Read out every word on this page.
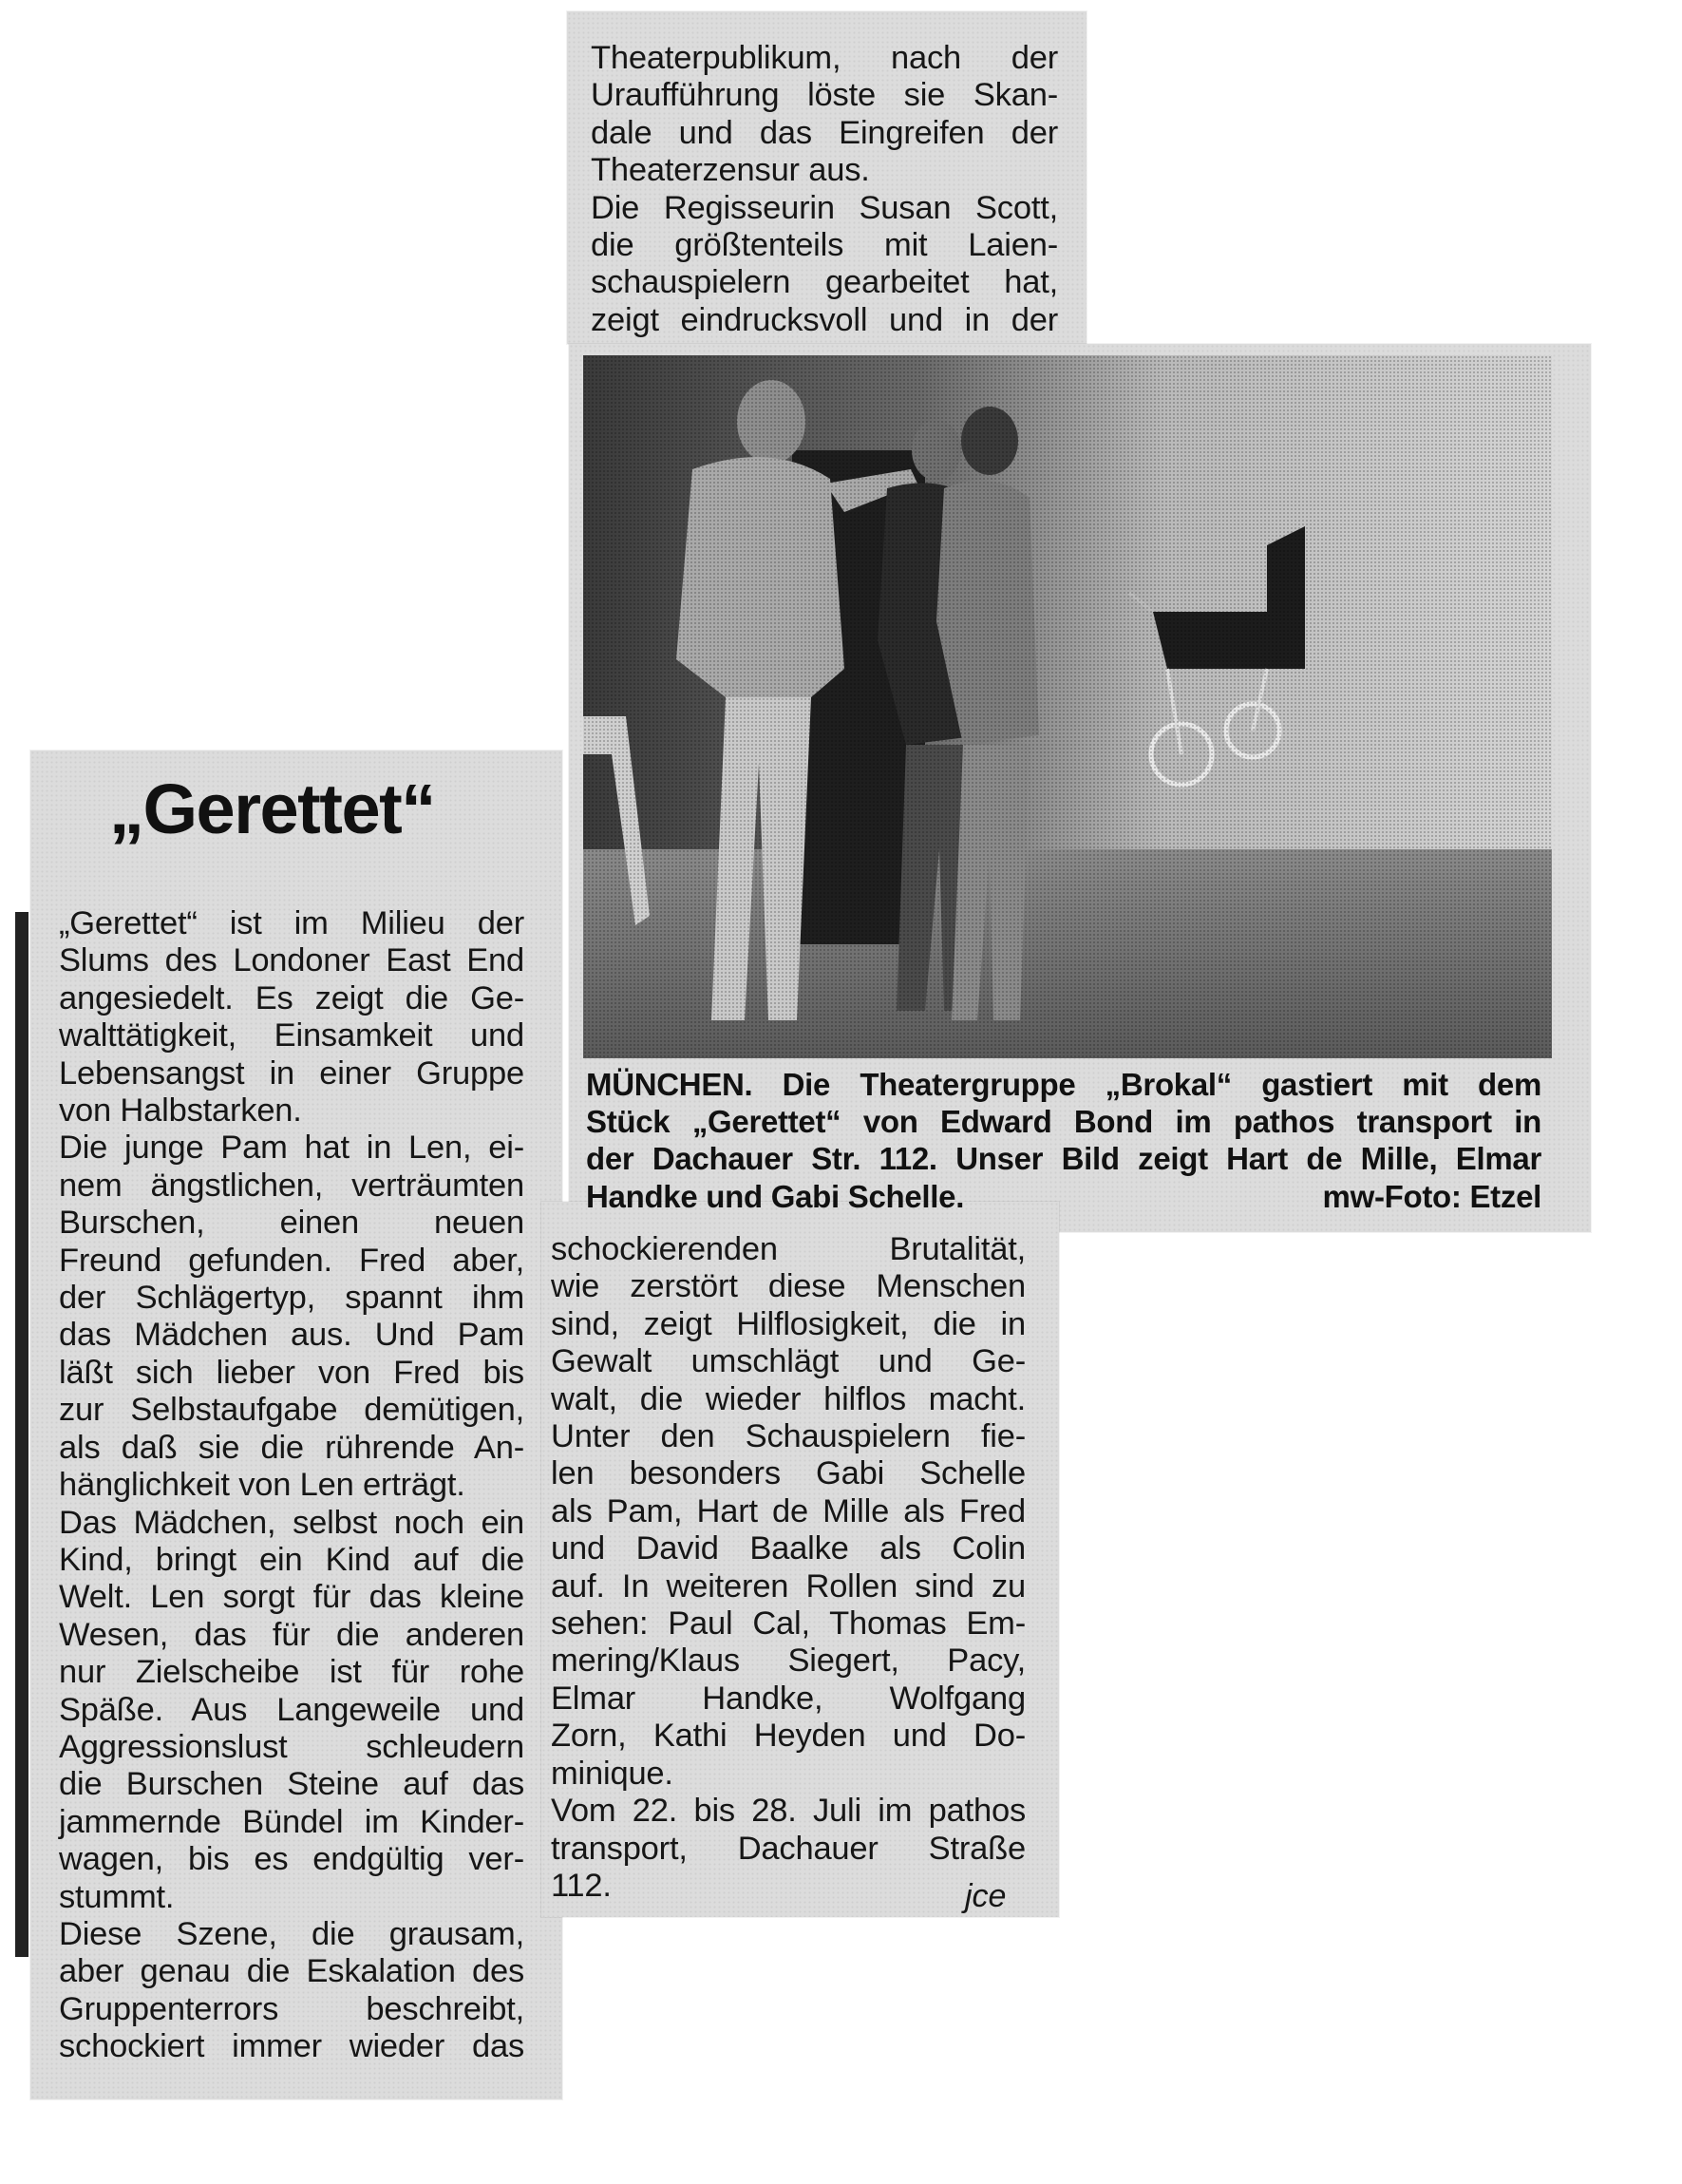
„Gerettet“

Theaterpublikum, nach der

Uraufführung löste sie Skan-

dale und das Eingreifen der

Theaterzensur aus.

Die Regisseurin Susan Scott,

die größtenteils mit Laien-

schauspielern gearbeitet hat,

zeigt eindrucksvoll und in der

„Gerettet“ ist im Milieu der

Slums des Londoner East End

angesiedelt. Es zeigt die Ge-

walttätigkeit, Einsamkeit und

Lebensangst in einer Gruppe

von Halbstarken.

Die junge Pam hat in Len, ei-

nem ängstlichen, verträumten

Burschen, einen neuen

Freund gefunden. Fred aber,

der Schlägertyp, spannt ihm

das Mädchen aus. Und Pam

läßt sich lieber von Fred bis

zur Selbstaufgabe demütigen,

als daß sie die rührende An-

hänglichkeit von Len erträgt.

Das Mädchen, selbst noch ein

Kind, bringt ein Kind auf die

Welt. Len sorgt für das kleine

Wesen, das für die anderen

nur Zielscheibe ist für rohe

Späße. Aus Langeweile und

Aggressionslust schleudern

die Burschen Steine auf das

jammernde Bündel im Kinder-

wagen, bis es endgültig ver-

stummt.

Diese Szene, die grausam,

aber genau die Eskalation des

Gruppenterrors beschreibt,

schockiert immer wieder das

MÜNCHEN. Die Theatergruppe „Brokal“ gastiert mit dem

Stück „Gerettet“ von Edward Bond im pathos transport in

der Dachauer Str. 112. Unser Bild zeigt Hart de Mille, Elmar

Handke und Gabi Schelle.	mw-Foto: Etzel

schockierenden Brutalität,

wie zerstört diese Menschen

sind, zeigt Hilflosigkeit, die in

Gewalt umschlägt und Ge-

walt, die wieder hilflos macht.

Unter den Schauspielern fie-

len besonders Gabi Schelle

als Pam, Hart de Mille als Fred

und David Baalke als Colin

auf. In weiteren Rollen sind zu

sehen: Paul Cal, Thomas Em-

mering/Klaus Siegert, Pacy,

Elmar Handke, Wolfgang

Zorn, Kathi Heyden und Do-

minique.

Vom 22. bis 28. Juli im pathos

transport, Dachauer Straße

112.	jce
